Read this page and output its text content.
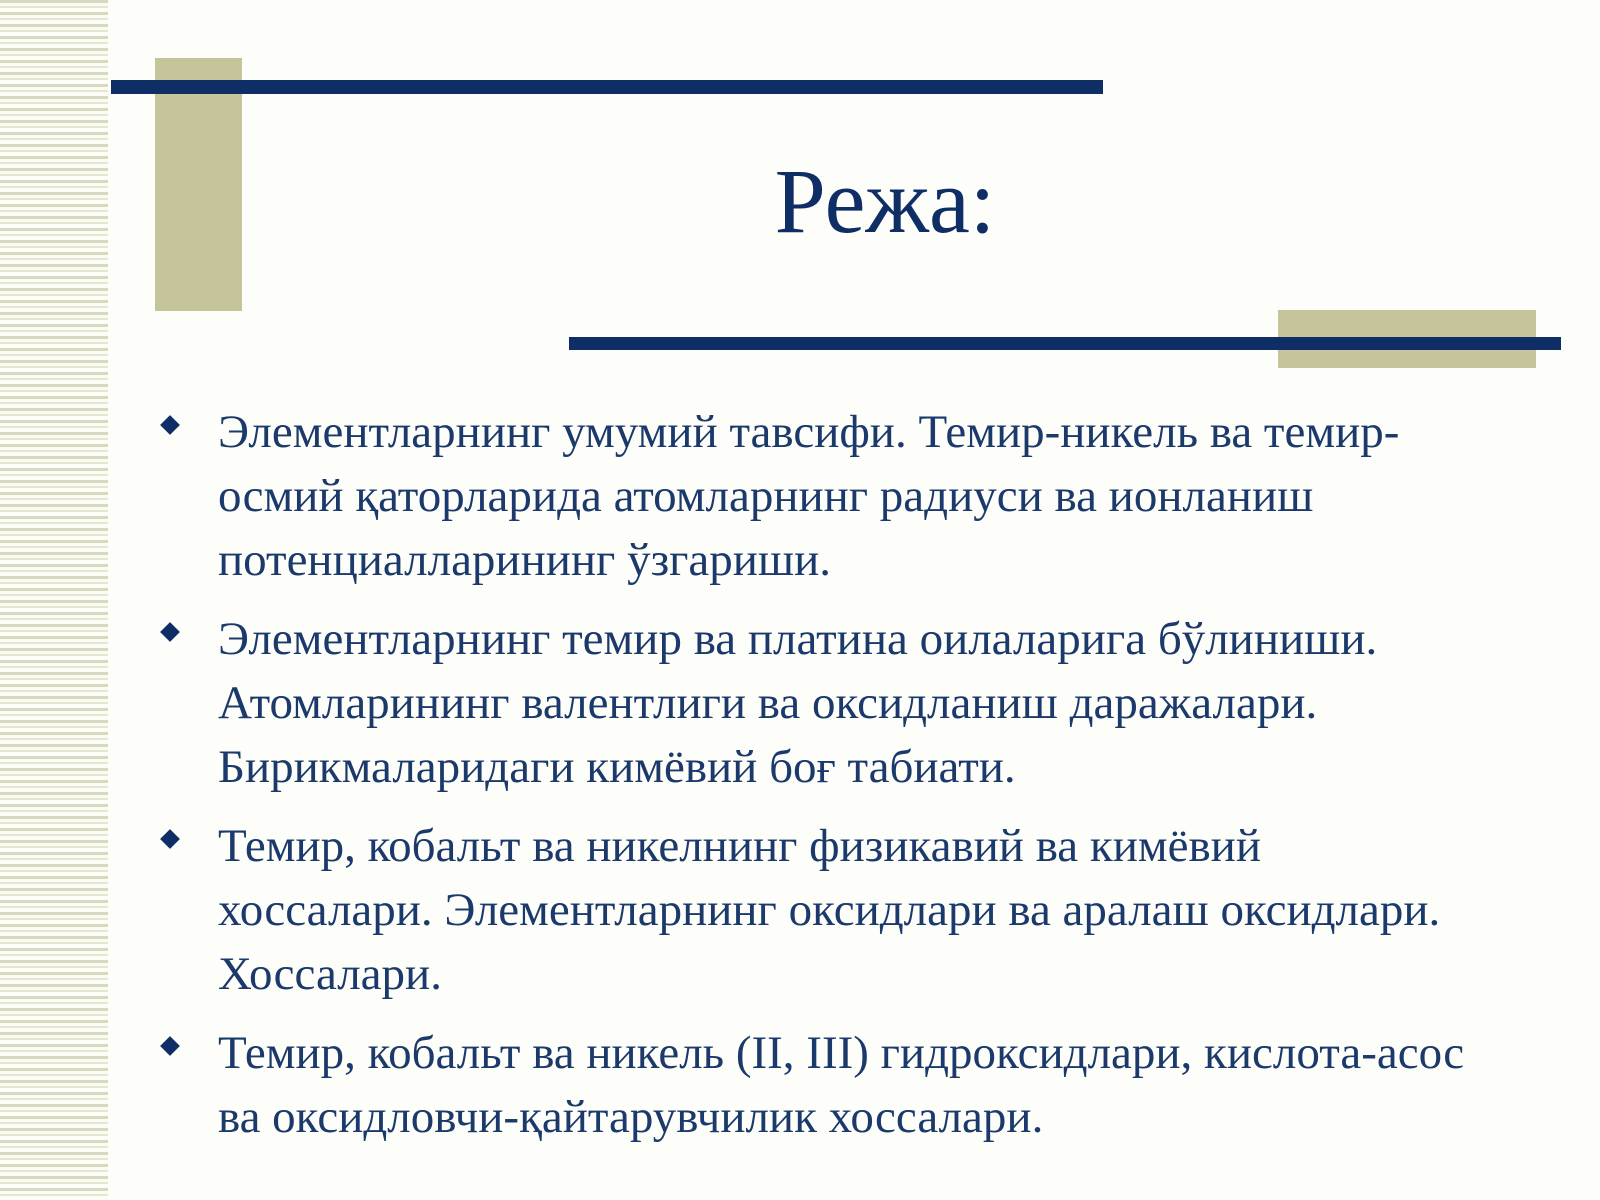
Режа:
Элементларнинг умумий тавсифи. Темир-никель ва темир-осмий қаторларида атомларнинг радиуси ва ионланиш потенциалларининг ўзгариши.
Элементларнинг темир ва платина оилаларига бўлиниши. Атомларининг валентлиги ва оксидланиш даражалари. Бирикмаларидаги кимёвий боғ табиати.
Темир, кобальт ва никелнинг физикавий ва кимёвий хоссалари. Элементларнинг оксидлари ва аралаш оксидлари. Хоссалари.
Темир, кобальт ва никель (II, III) гидроксидлари, кислота-асос ва оксидловчи-қайтарувчилик хоссалари.
